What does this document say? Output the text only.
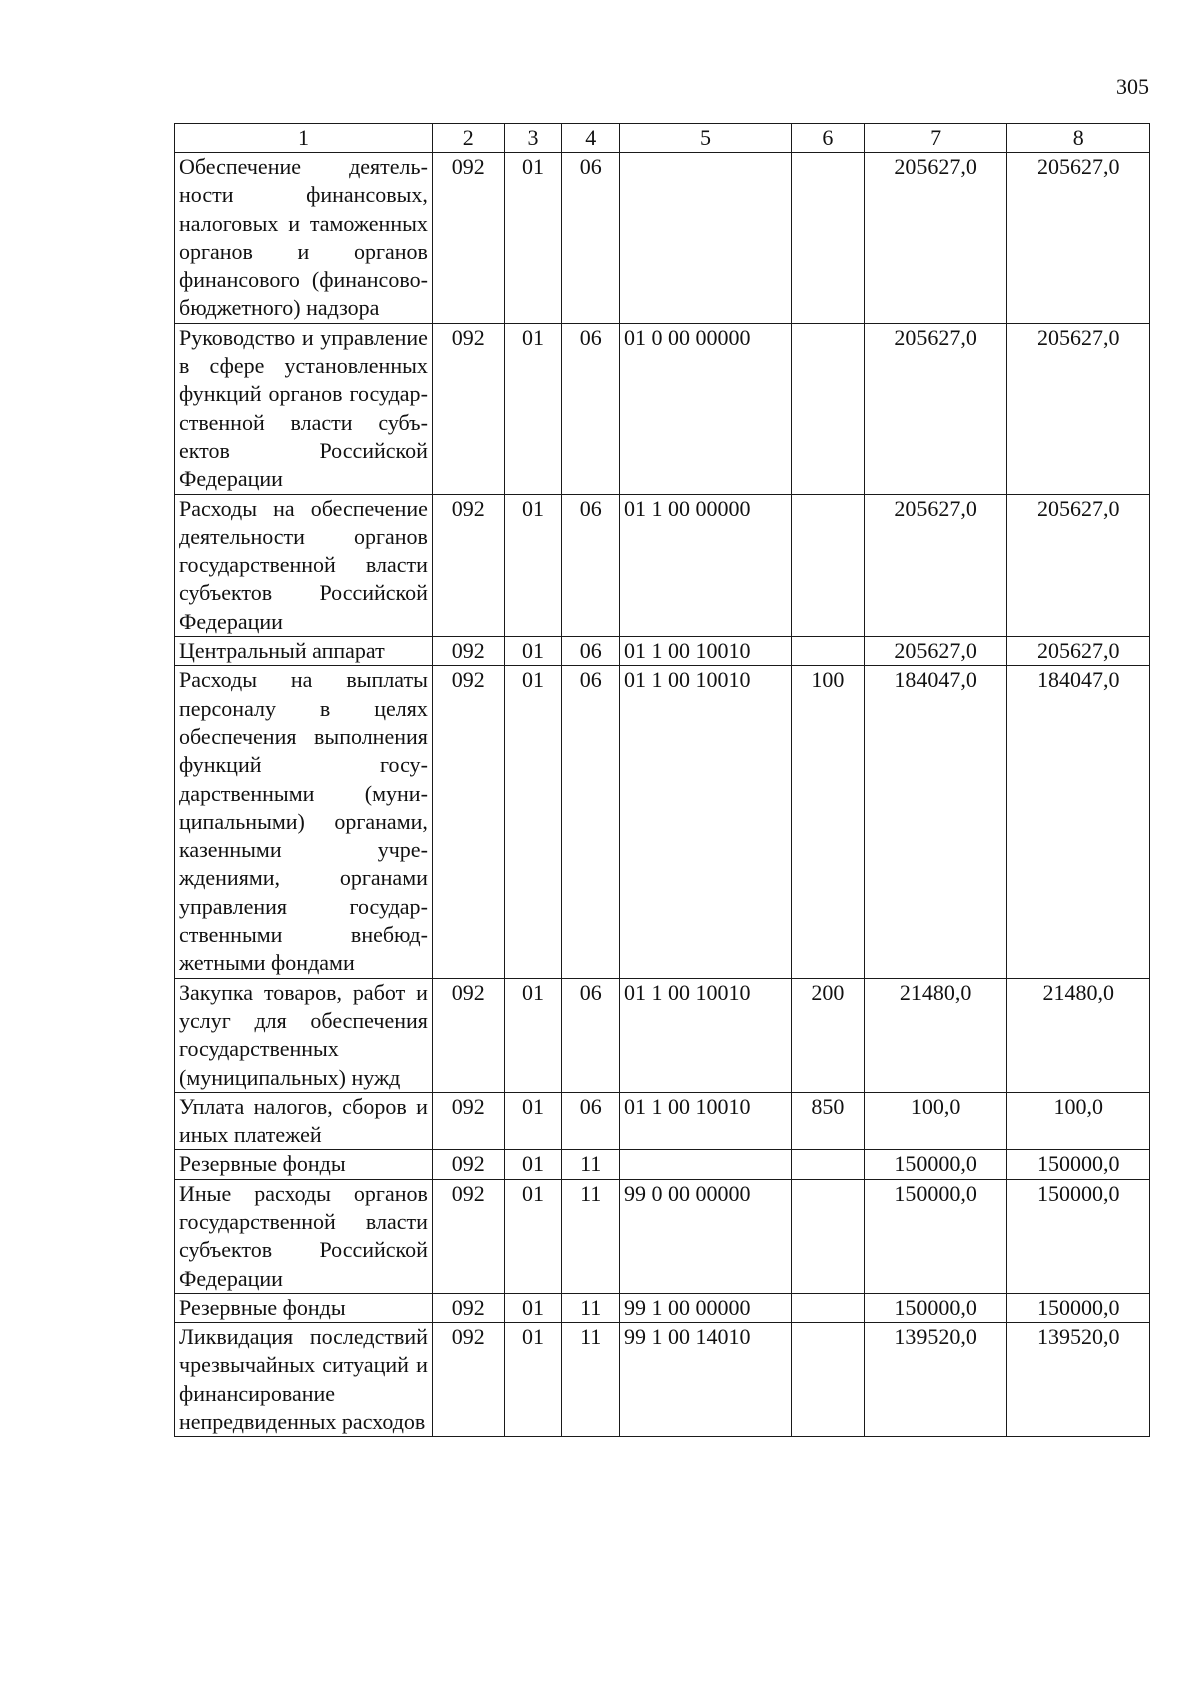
305
1	2	3	4	5	6	7	8
Обеспечение деятельности финансовых, налоговых и таможенных органов и органов финансового (финансово-бюджетного) надзора	092	01	06			205627,0	205627,0
Руководство и управление в сфере установленных функций органов государственной власти субъектов Российской Федерации	092	01	06	01 0 00 00000		205627,0	205627,0
Расходы на обеспечение деятельности органов государственной власти субъектов Российской Федерации	092	01	06	01 1 00 00000		205627,0	205627,0
Центральный аппарат	092	01	06	01 1 00 10010		205627,0	205627,0
Расходы на выплаты персоналу в целях обеспечения выполнения функций государственными (муниципальными) органами, казенными учреждениями, органами управления государственными внебюджетными фондами	092	01	06	01 1 00 10010	100	184047,0	184047,0
Закупка товаров, работ и услуг для обеспечения государственных (муниципальных) нужд	092	01	06	01 1 00 10010	200	21480,0	21480,0
Уплата налогов, сборов и иных платежей	092	01	06	01 1 00 10010	850	100,0	100,0
Резервные фонды	092	01	11			150000,0	150000,0
Иные расходы органов государственной власти субъектов Российской Федерации	092	01	11	99 0 00 00000		150000,0	150000,0
Резервные фонды	092	01	11	99 1 00 00000		150000,0	150000,0
Ликвидация последствий чрезвычайных ситуаций и финансирование непредвиденных расходов	092	01	11	99 1 00 14010		139520,0	139520,0
